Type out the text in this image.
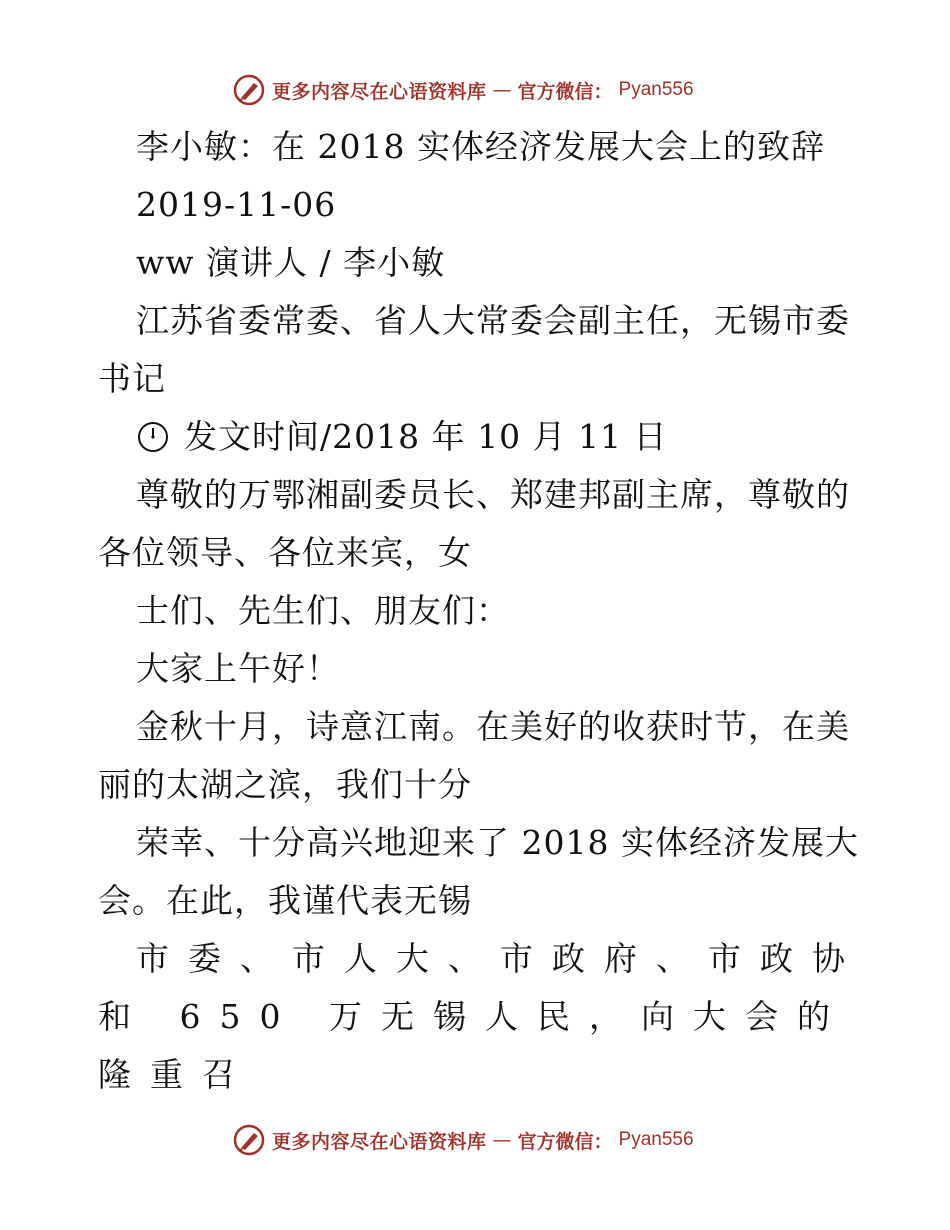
更多内容尽在心语资料库 — 官方微信： Pyan556

李小敏：在 2018 实体经济发展大会上的致辞

2019-11-06

ww 演讲人 / 李小敏

江苏省委常委、省人大常委会副主任，无锡市委书记

发文时间/2018 年 10 月 11 日

尊敬的万鄂湘副委员长、郑建邦副主席，尊敬的各位领导、各位来宾，女

士们、先生们、朋友们：

大家上午好！

金秋十月，诗意江南。在美好的收获时节，在美丽的太湖之滨，我们十分

荣幸、十分高兴地迎来了 2018 实体经济发展大会。在此，我谨代表无锡

市委、市人大、市政府、市政协和 650 万无锡人民，向大会的隆重召

更多内容尽在心语资料库 — 官方微信： Pyan556
